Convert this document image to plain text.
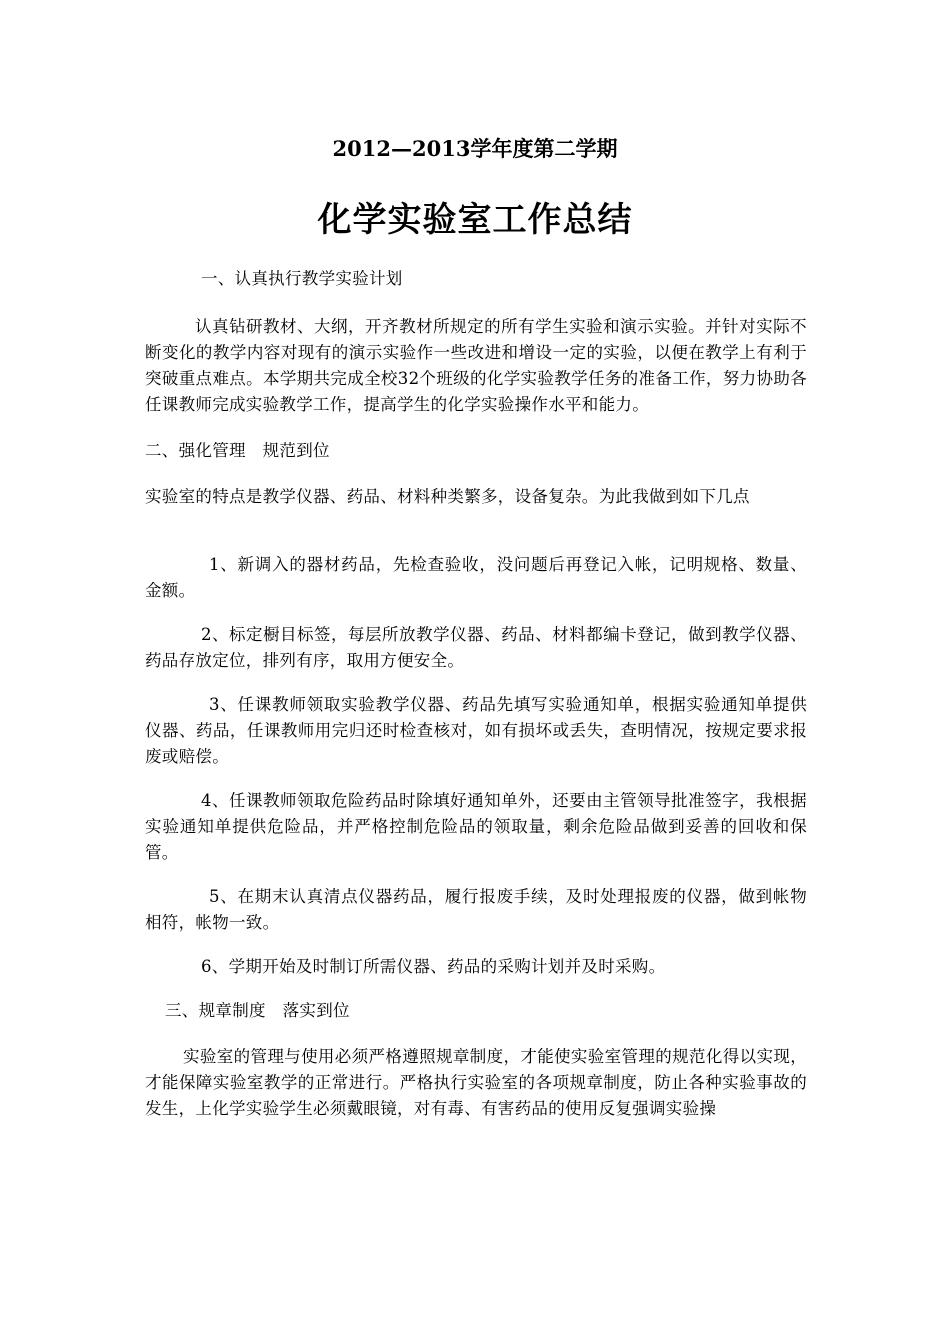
2012—2013学年度第二学期
化学实验室工作总结

一、认真执行教学实验计划

认真钻研教材、大纲，开齐教材所规定的所有学生实验和演示实验。并针对实际不断变化的教学内容对现有的演示实验作一些改进和增设一定的实验，以便在教学上有利于突破重点难点。本学期共完成全校32个班级的化学实验教学任务的准备工作，努力协助各任课教师完成实验教学工作，提高学生的化学实验操作水平和能力。

二、强化管理　规范到位

实验室的特点是教学仪器、药品、材料种类繁多，设备复杂。为此我做到如下几点

1、新调入的器材药品，先检查验收，没问题后再登记入帐，记明规格、数量、金额。

2、标定橱目标签，每层所放教学仪器、药品、材料都编卡登记，做到教学仪器、药品存放定位，排列有序，取用方便安全。

3、任课教师领取实验教学仪器、药品先填写实验通知单，根据实验通知单提供仪器、药品，任课教师用完归还时检查核对，如有损坏或丢失，查明情况，按规定要求报废或赔偿。

4、任课教师领取危险药品时除填好通知单外，还要由主管领导批准签字，我根据实验通知单提供危险品，并严格控制危险品的领取量，剩余危险品做到妥善的回收和保管。

5、在期末认真清点仪器药品，履行报废手续，及时处理报废的仪器，做到帐物相符，帐物一致。

6、学期开始及时制订所需仪器、药品的采购计划并及时采购。

三、规章制度　落实到位

实验室的管理与使用必须严格遵照规章制度，才能使实验室管理的规范化得以实现，才能保障实验室教学的正常进行。严格执行实验室的各项规章制度，防止各种实验事故的发生，上化学实验学生必须戴眼镜，对有毒、有害药品的使用反复强调实验操
